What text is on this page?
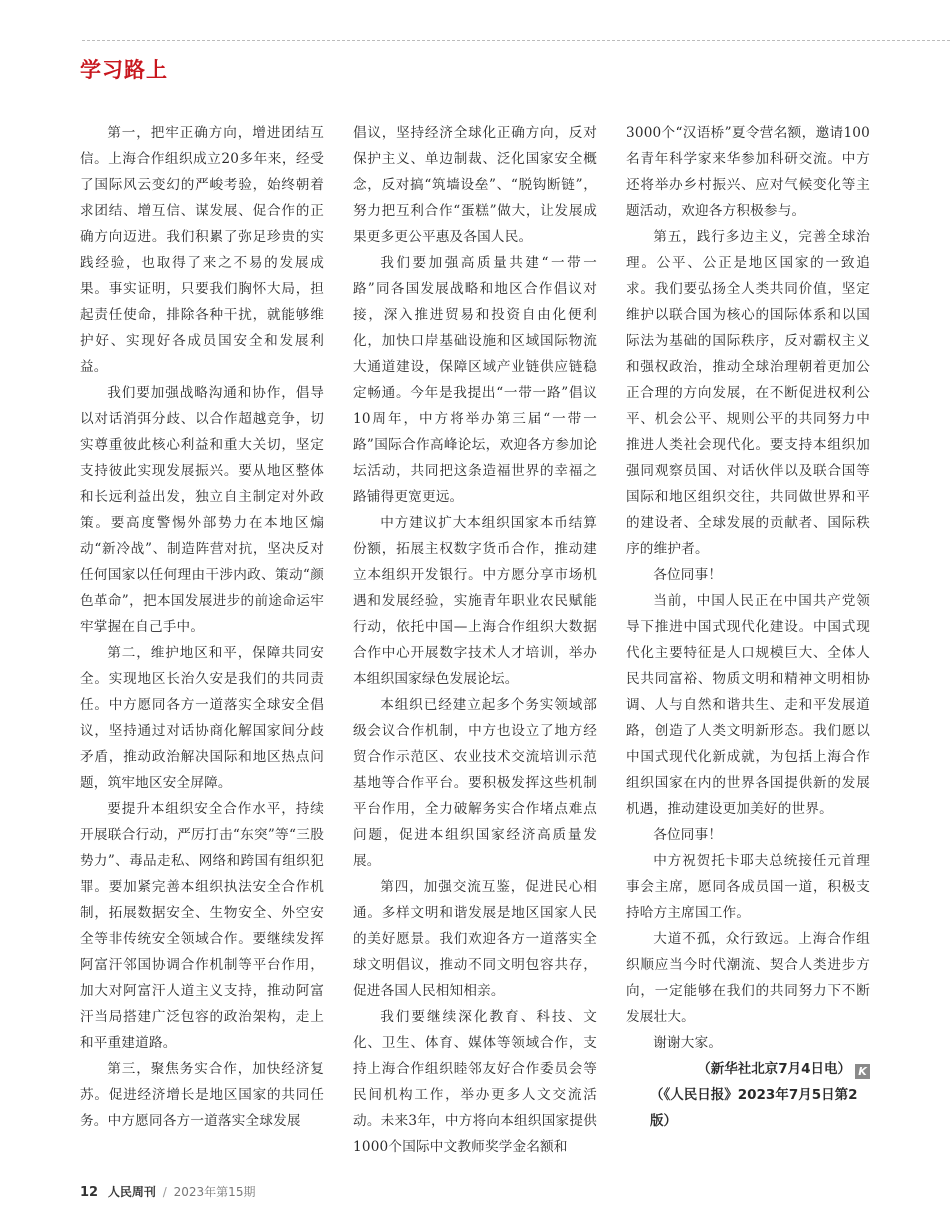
学习路上

第一，把牢正确方向，增进团结互信。上海合作组织成立20多年来，经受了国际风云变幻的严峻考验，始终朝着求团结、增互信、谋发展、促合作的正确方向迈进。我们积累了弥足珍贵的实践经验，也取得了来之不易的发展成果。事实证明，只要我们胸怀大局，担起责任使命，排除各种干扰，就能够维护好、实现好各成员国安全和发展利益。

我们要加强战略沟通和协作，倡导以对话消弭分歧、以合作超越竞争，切实尊重彼此核心利益和重大关切，坚定支持彼此实现发展振兴。要从地区整体和长远利益出发，独立自主制定对外政策。要高度警惕外部势力在本地区煽动“新冷战”、制造阵营对抗，坚决反对任何国家以任何理由干涉内政、策动“颜色革命”，把本国发展进步的前途命运牢牢掌握在自己手中。

第二，维护地区和平，保障共同安全。实现地区长治久安是我们的共同责任。中方愿同各方一道落实全球安全倡议，坚持通过对话协商化解国家间分歧矛盾，推动政治解决国际和地区热点问题，筑牢地区安全屏障。

要提升本组织安全合作水平，持续开展联合行动，严厉打击“东突”等“三股势力”、毒品走私、网络和跨国有组织犯罪。要加紧完善本组织执法安全合作机制，拓展数据安全、生物安全、外空安全等非传统安全领域合作。要继续发挥阿富汗邻国协调合作机制等平台作用，加大对阿富汗人道主义支持，推动阿富汗当局搭建广泛包容的政治架构，走上和平重建道路。

第三，聚焦务实合作，加快经济复苏。促进经济增长是地区国家的共同任务。中方愿同各方一道落实全球发展

倡议，坚持经济全球化正确方向，反对保护主义、单边制裁、泛化国家安全概念，反对搞“筑墙设垒”、“脱钩断链”，努力把互利合作“蛋糕”做大，让发展成果更多更公平惠及各国人民。

我们要加强高质量共建“一带一路”同各国发展战略和地区合作倡议对接，深入推进贸易和投资自由化便利化，加快口岸基础设施和区域国际物流大通道建设，保障区域产业链供应链稳定畅通。今年是我提出“一带一路”倡议10周年，中方将举办第三届“一带一路”国际合作高峰论坛，欢迎各方参加论坛活动，共同把这条造福世界的幸福之路铺得更宽更远。

中方建议扩大本组织国家本币结算份额，拓展主权数字货币合作，推动建立本组织开发银行。中方愿分享市场机遇和发展经验，实施青年职业农民赋能行动，依托中国—上海合作组织大数据合作中心开展数字技术人才培训，举办本组织国家绿色发展论坛。

本组织已经建立起多个务实领域部级会议合作机制，中方也设立了地方经贸合作示范区、农业技术交流培训示范基地等合作平台。要积极发挥这些机制平台作用，全力破解务实合作堵点难点问题，促进本组织国家经济高质量发展。

第四，加强交流互鉴，促进民心相通。多样文明和谐发展是地区国家人民的美好愿景。我们欢迎各方一道落实全球文明倡议，推动不同文明包容共存，促进各国人民相知相亲。

我们要继续深化教育、科技、文化、卫生、体育、媒体等领域合作，支持上海合作组织睦邻友好合作委员会等民间机构工作，举办更多人文交流活动。未来3年，中方将向本组织国家提供1000个国际中文教师奖学金名额和

3000个“汉语桥”夏令营名额，邀请100名青年科学家来华参加科研交流。中方还将举办乡村振兴、应对气候变化等主题活动，欢迎各方积极参与。

第五，践行多边主义，完善全球治理。公平、公正是地区国家的一致追求。我们要弘扬全人类共同价值，坚定维护以联合国为核心的国际体系和以国际法为基础的国际秩序，反对霸权主义和强权政治，推动全球治理朝着更加公正合理的方向发展，在不断促进权利公平、机会公平、规则公平的共同努力中推进人类社会现代化。要支持本组织加强同观察员国、对话伙伴以及联合国等国际和地区组织交往，共同做世界和平的建设者、全球发展的贡献者、国际秩序的维护者。

各位同事！

当前，中国人民正在中国共产党领导下推进中国式现代化建设。中国式现代化主要特征是人口规模巨大、全体人民共同富裕、物质文明和精神文明相协调、人与自然和谐共生、走和平发展道路，创造了人类文明新形态。我们愿以中国式现代化新成就，为包括上海合作组织国家在内的世界各国提供新的发展机遇，推动建设更加美好的世界。

各位同事！

中方祝贺托卡耶夫总统接任元首理事会主席，愿同各成员国一道，积极支持哈方主席国工作。

大道不孤，众行致远。上海合作组织顺应当今时代潮流、契合人类进步方向，一定能够在我们的共同努力下不断发展壮大。

谢谢大家。

（新华社北京7月4日电） K
（《人民日报》2023年7月5日第2版）
12 人民周刊 / 2023年第15期
